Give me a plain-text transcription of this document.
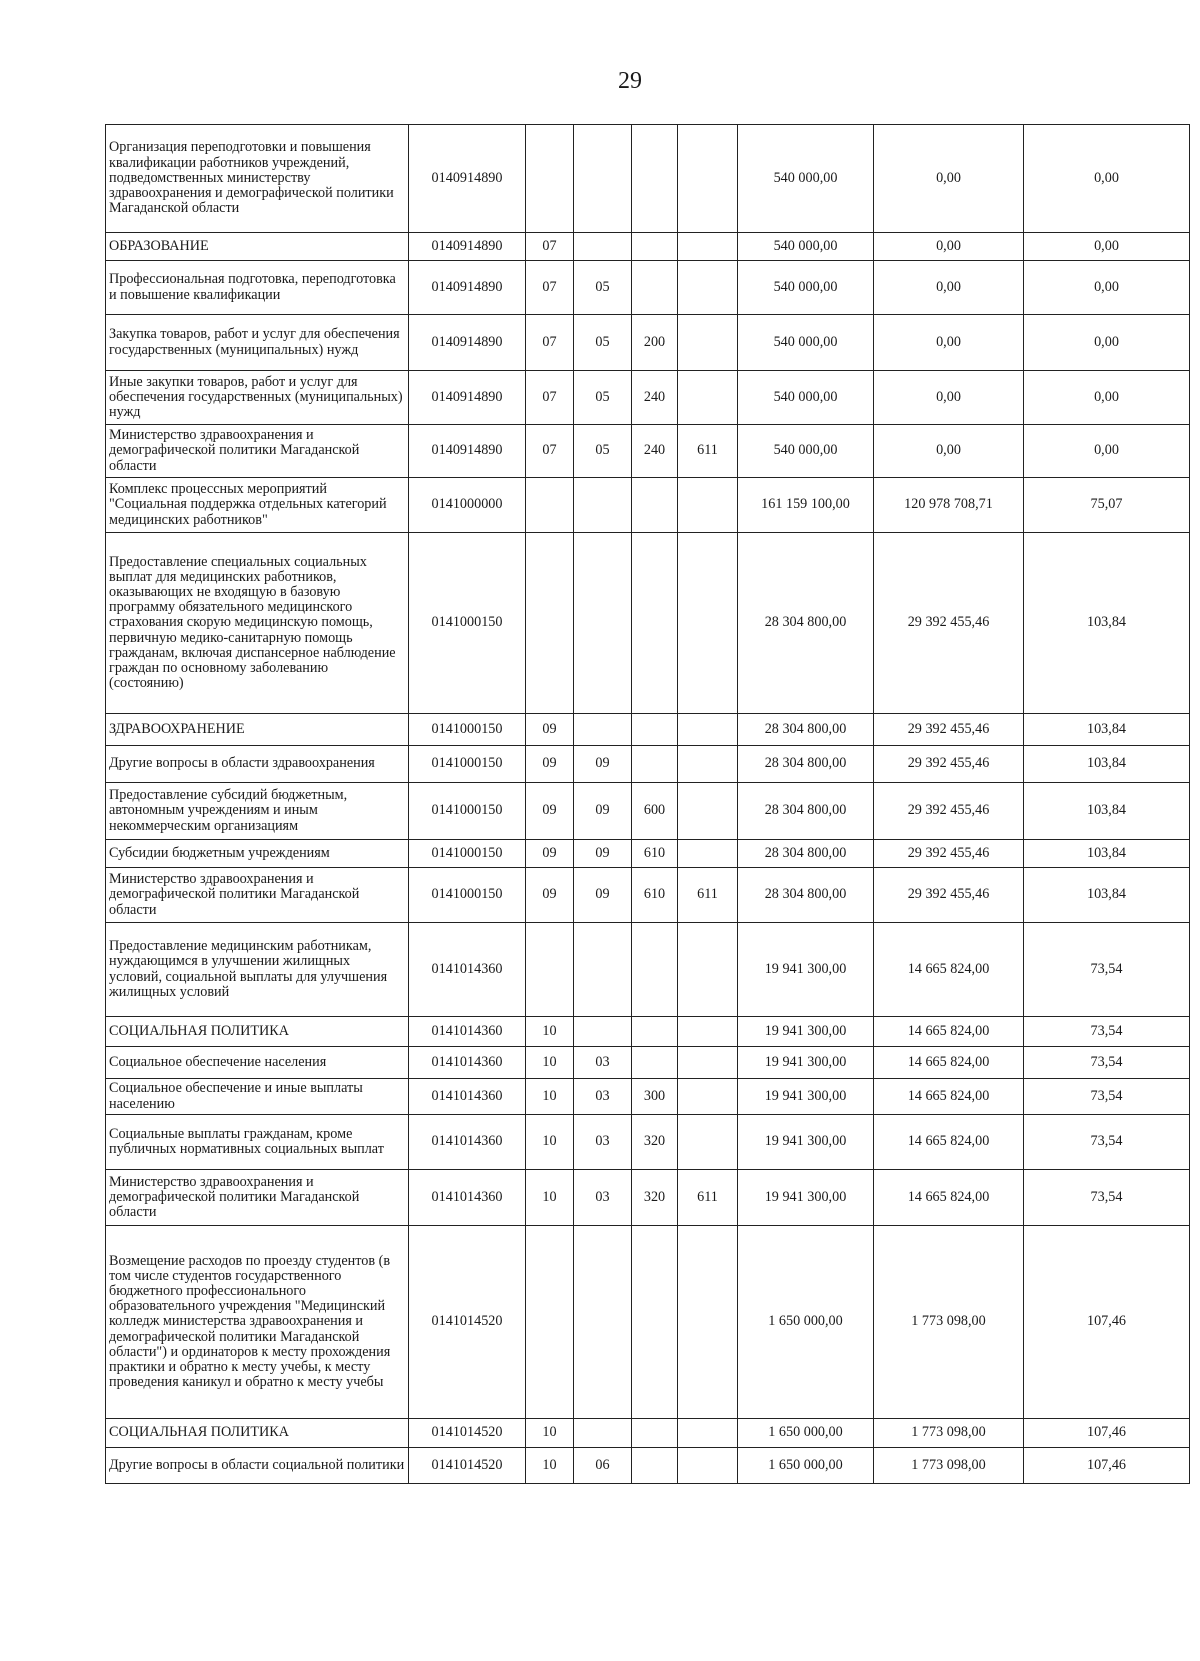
29
Организация переподготовки и повышения квалификации работников учреждений, подведомственных министерству здравоохранения и демографической политики Магаданской области	0140914890					540 000,00	0,00	0,00
ОБРАЗОВАНИЕ	0140914890	07				540 000,00	0,00	0,00
Профессиональная подготовка, переподготовка и повышение квалификации	0140914890	07	05			540 000,00	0,00	0,00
Закупка товаров, работ и услуг для обеспечения государственных (муниципальных) нужд	0140914890	07	05	200		540 000,00	0,00	0,00
Иные закупки товаров, работ и услуг для обеспечения государственных (муниципальных) нужд	0140914890	07	05	240		540 000,00	0,00	0,00
Министерство здравоохранения и демографической политики Магаданской области	0140914890	07	05	240	611	540 000,00	0,00	0,00
Комплекс процессных мероприятий "Социальная поддержка отдельных категорий медицинских работников"	0141000000					161 159 100,00	120 978 708,71	75,07
Предоставление специальных социальных выплат для медицинских работников, оказывающих не входящую в базовую программу обязательного медицинского страхования скорую медицинскую помощь, первичную медико-санитарную помощь гражданам, включая диспансерное наблюдение граждан по основному заболеванию (состоянию)	0141000150					28 304 800,00	29 392 455,46	103,84
ЗДРАВООХРАНЕНИЕ	0141000150	09				28 304 800,00	29 392 455,46	103,84
Другие вопросы в области здравоохранения	0141000150	09	09			28 304 800,00	29 392 455,46	103,84
Предоставление субсидий бюджетным, автономным учреждениям и иным некоммерческим организациям	0141000150	09	09	600		28 304 800,00	29 392 455,46	103,84
Субсидии бюджетным учреждениям	0141000150	09	09	610		28 304 800,00	29 392 455,46	103,84
Министерство здравоохранения и демографической политики Магаданской области	0141000150	09	09	610	611	28 304 800,00	29 392 455,46	103,84
Предоставление медицинским работникам, нуждающимся в улучшении жилищных условий, социальной выплаты для улучшения жилищных условий	0141014360					19 941 300,00	14 665 824,00	73,54
СОЦИАЛЬНАЯ ПОЛИТИКА	0141014360	10				19 941 300,00	14 665 824,00	73,54
Социальное обеспечение населения	0141014360	10	03			19 941 300,00	14 665 824,00	73,54
Социальное обеспечение и иные выплаты населению	0141014360	10	03	300		19 941 300,00	14 665 824,00	73,54
Социальные выплаты гражданам, кроме публичных нормативных социальных выплат	0141014360	10	03	320		19 941 300,00	14 665 824,00	73,54
Министерство здравоохранения и демографической политики Магаданской области	0141014360	10	03	320	611	19 941 300,00	14 665 824,00	73,54
Возмещение расходов по проезду студентов (в том числе студентов государственного бюджетного профессионального образовательного учреждения "Медицинский колледж министерства здравоохранения и демографической политики Магаданской области") и ординаторов к месту прохождения практики и обратно к месту учебы, к месту проведения каникул и обратно к месту учебы	0141014520					1 650 000,00	1 773 098,00	107,46
СОЦИАЛЬНАЯ ПОЛИТИКА	0141014520	10				1 650 000,00	1 773 098,00	107,46
Другие вопросы в области социальной политики	0141014520	10	06			1 650 000,00	1 773 098,00	107,46
